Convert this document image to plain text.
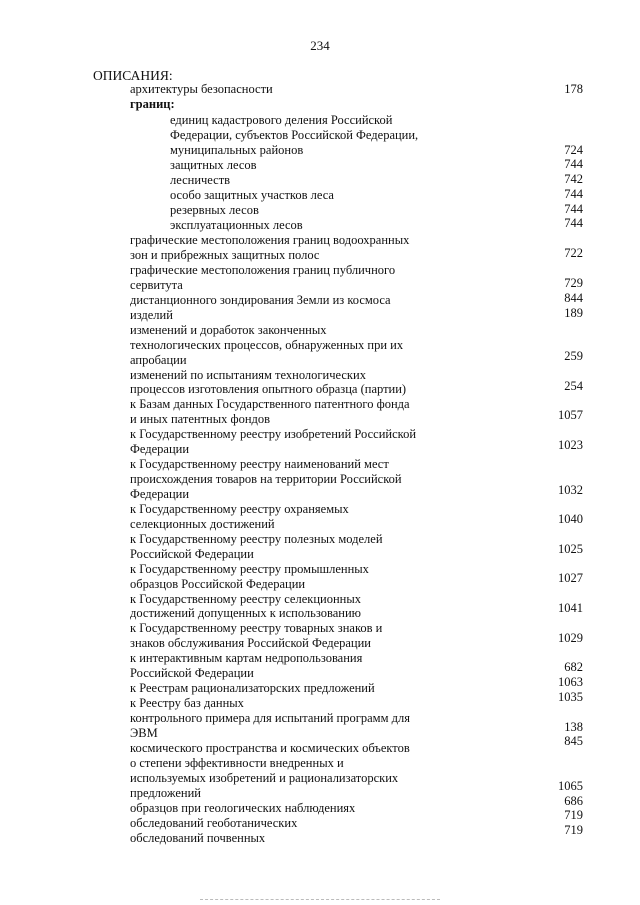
234
ОПИСАНИЯ:
архитектуры безопасности
границ:
единиц кадастрового деления Российской
Федерации, субъектов Российской Федерации,
муниципальных районов
защитных лесов
лесничеств
особо защитных участков леса
резервных лесов
эксплуатационных лесов
графические местоположения границ водоохранных
зон и прибрежных защитных полос
графические местоположения границ публичного
сервитута
дистанционного зондирования Земли из космоса
изделий
изменений и доработок законченных
технологических процессов, обнаруженных при их
апробации
изменений по испытаниям технологических
процессов изготовления опытного образца (партии)
к Базам данных Государственного патентного фонда
и иных патентных фондов
к Государственному реестру изобретений Российской
Федерации
к Государственному реестру наименований мест
происхождения товаров на территории Российской
Федерации
к Государственному реестру охраняемых
селекционных достижений
к Государственному реестру полезных моделей
Российской Федерации
к Государственному реестру промышленных
образцов Российской Федерации
к Государственному реестру селекционных
достижений допущенных к использованию
к Государственному реестру товарных знаков и
знаков обслуживания Российской Федерации
к интерактивным картам недропользования
Российской Федерации
к Реестрам рационализаторских предложений
к Реестру баз данных
контрольного примера для испытаний программ для
ЭВМ
космического пространства и космических объектов
о степени эффективности внедренных и
используемых изобретений и рационализаторских
предложений
образцов при геологических наблюдениях
обследований геоботанических
обследований почвенных
178
724
744
742
744
744
744
722
729
844
189
259
254
1057
1023
1032
1040
1025
1027
1041
1029
682
1063
1035
138
845
1065
686
719
719
